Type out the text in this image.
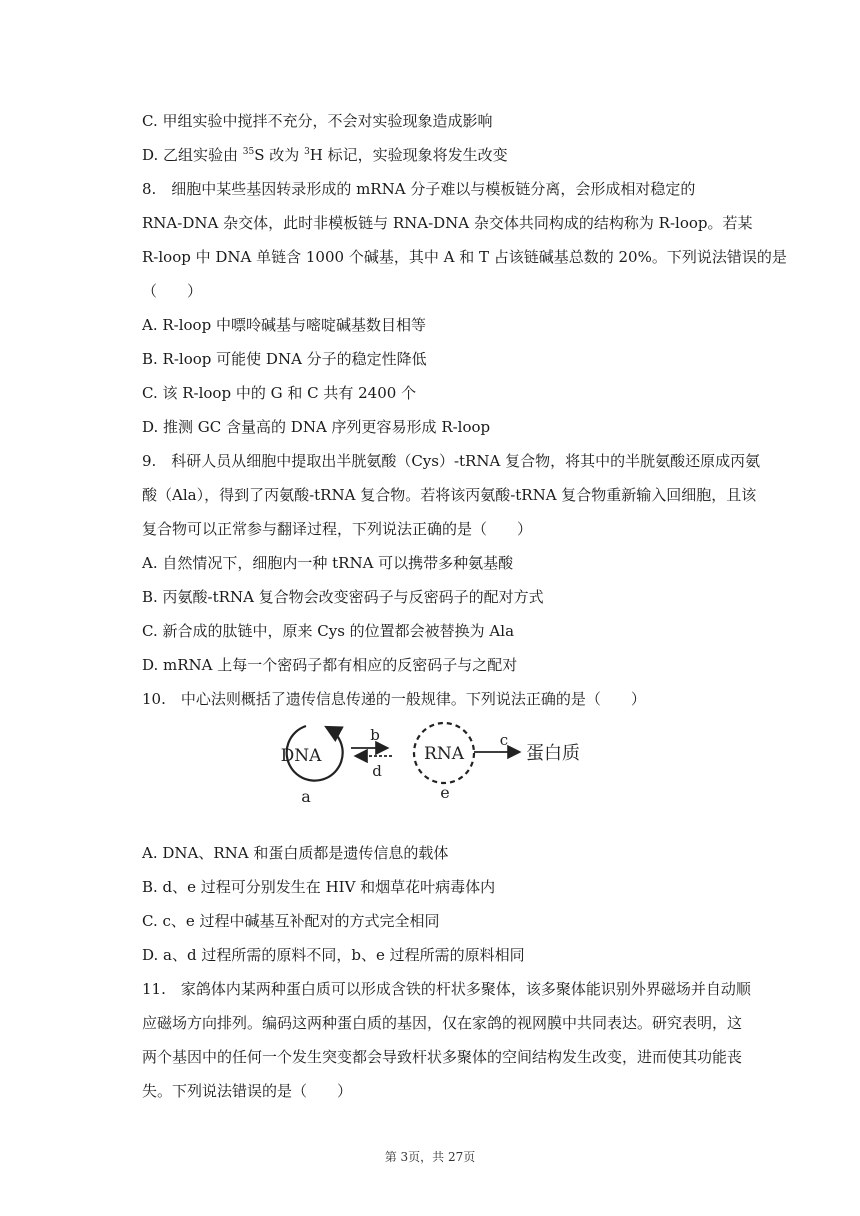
C. 甲组实验中搅拌不充分，不会对实验现象造成影响
D. 乙组实验由 $^{35}$S 改为 $^3$H 标记，实验现象将发生改变
8.　细胞中某些基因转录形成的 mRNA 分子难以与模板链分离，会形成相对稳定的
RNA-DNA 杂交体，此时非模板链与 RNA-DNA 杂交体共同构成的结构称为 R-loop。若某
R-loop 中 DNA 单链含 1000 个碱基，其中 A 和 T 占该链碱基总数的 20%。下列说法错误的是
（　　）
A. R-loop 中嘌呤碱基与嘧啶碱基数目相等
B. R-loop 可能使 DNA 分子的稳定性降低
C. 该 R-loop 中的 G 和 C 共有 2400 个
D. 推测 GC 含量高的 DNA 序列更容易形成 R-loop
9.　科研人员从细胞中提取出半胱氨酸（Cys）-tRNA 复合物，将其中的半胱氨酸还原成丙氨
酸（Ala），得到了丙氨酸-tRNA 复合物。若将该丙氨酸-tRNA 复合物重新输入回细胞，且该
复合物可以正常参与翻译过程，下列说法正确的是（　　）
A. 自然情况下，细胞内一种 tRNA 可以携带多种氨基酸
B. 丙氨酸-tRNA 复合物会改变密码子与反密码子的配对方式
C. 新合成的肽链中，原来 Cys 的位置都会被替换为 Ala
D. mRNA 上每一个密码子都有相应的反密码子与之配对
10.　中心法则概括了遗传信息传递的一般规律。下列说法正确的是（　　）
DNA
a
b
d
RNA
e
c
蛋白质
A. DNA、RNA 和蛋白质都是遗传信息的载体
B. d、e 过程可分别发生在 HIV 和烟草花叶病毒体内
C. c、e 过程中碱基互补配对的方式完全相同
D. a、d 过程所需的原料不同，b、e 过程所需的原料相同
11.　家鸽体内某两种蛋白质可以形成含铁的杆状多聚体，该多聚体能识别外界磁场并自动顺
应磁场方向排列。编码这两种蛋白质的基因，仅在家鸽的视网膜中共同表达。研究表明，这
两个基因中的任何一个发生突变都会导致杆状多聚体的空间结构发生改变，进而使其功能丧
失。下列说法错误的是（　　）
第 3页，共 27页
